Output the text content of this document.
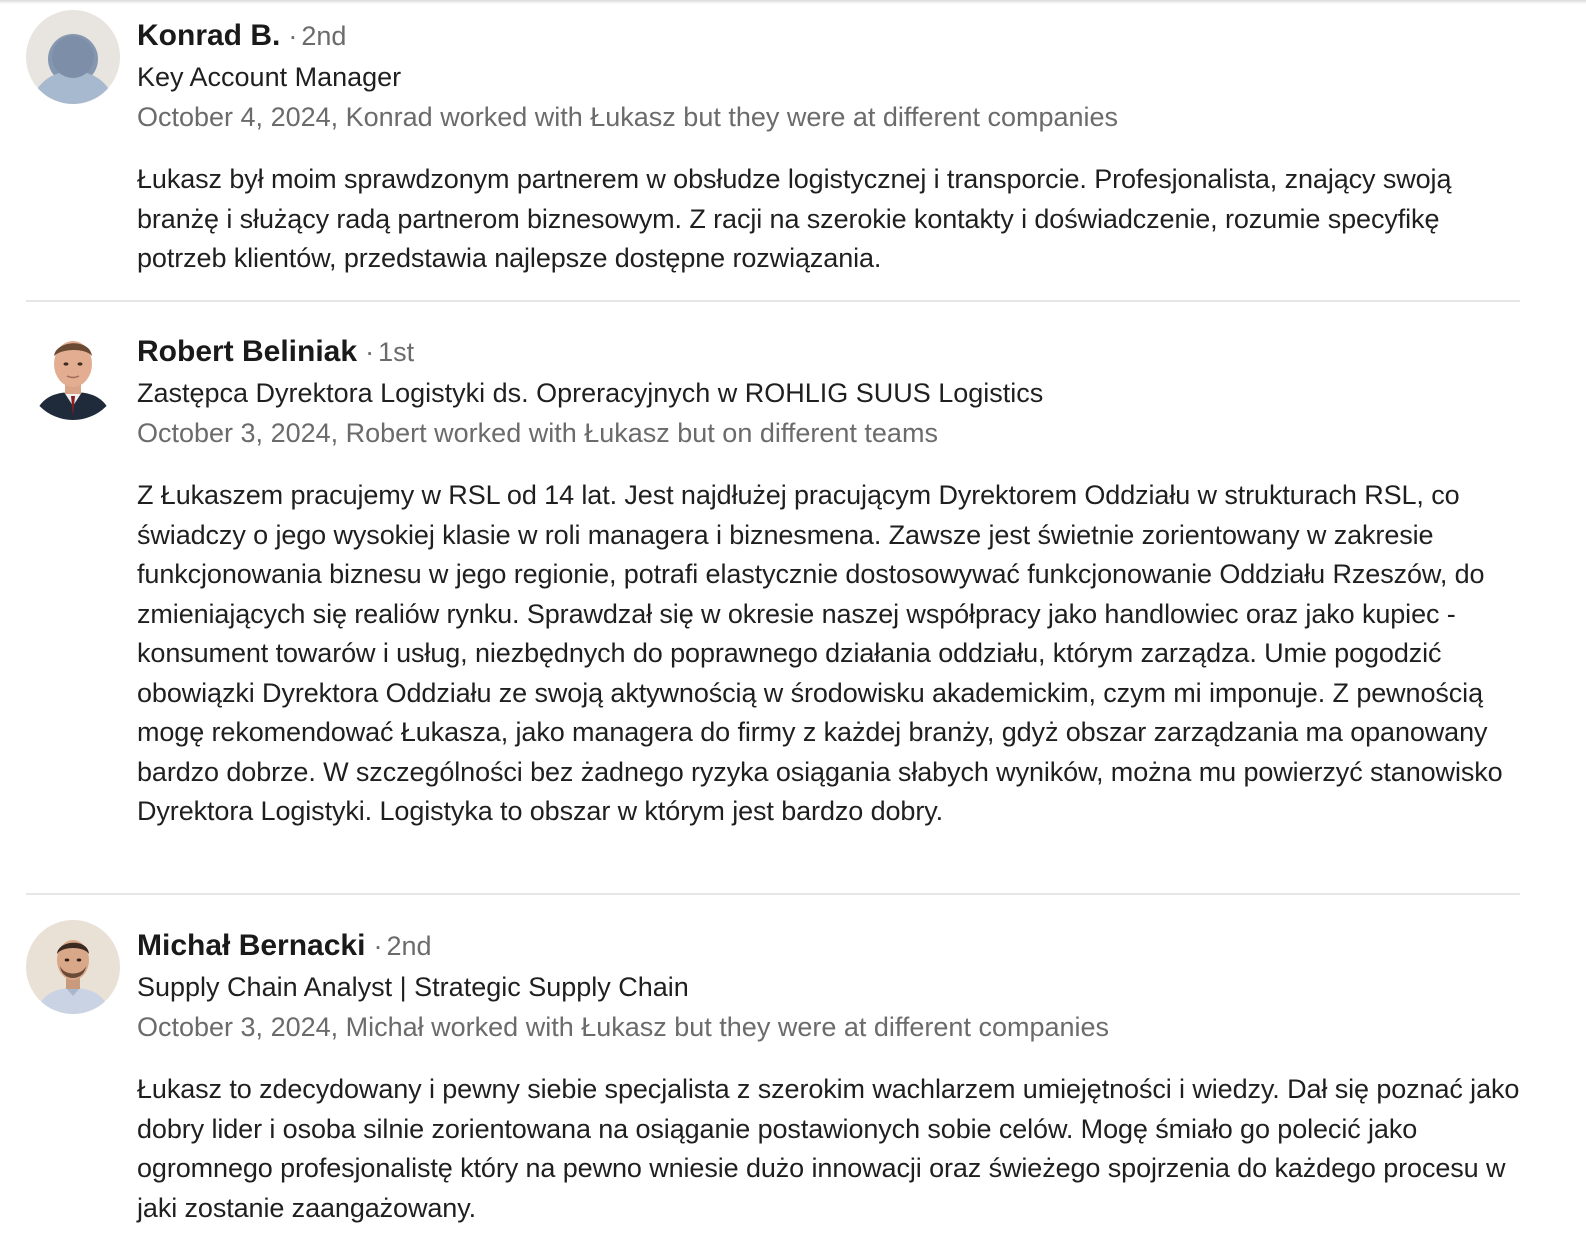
Konrad B. · 2nd
Key Account Manager
October 4, 2024, Konrad worked with Łukasz but they were at different companies
Łukasz był moim sprawdzonym partnerem w obsłudze logistycznej i transporcie. Profesjonalista, znający swoją branżę i służący radą partnerom biznesowym. Z racji na szerokie kontakty i doświadczenie, rozumie specyfikę potrzeb klientów, przedstawia najlepsze dostępne rozwiązania.
Robert Beliniak · 1st
Zastępca Dyrektora Logistyki ds. Opreracyjnych w ROHLIG SUUS Logistics
October 3, 2024, Robert worked with Łukasz but on different teams
Z Łukaszem pracujemy w RSL od 14 lat. Jest najdłużej pracującym Dyrektorem Oddziału w strukturach RSL, co świadczy o jego wysokiej klasie w roli managera i biznesmena. Zawsze jest świetnie zorientowany w zakresie funkcjonowania biznesu w jego regionie, potrafi elastycznie dostosowywać funkcjonowanie Oddziału Rzeszów, do zmieniających się realiów rynku. Sprawdzał się w okresie naszej współpracy jako handlowiec oraz jako kupiec - konsument towarów i usług, niezbędnych do poprawnego działania oddziału, którym zarządza. Umie pogodzić obowiązki Dyrektora Oddziału ze swoją aktywnością w środowisku akademickim, czym mi imponuje. Z pewnością mogę rekomendować Łukasza, jako managera do firmy z każdej branży, gdyż obszar zarządzania ma opanowany bardzo dobrze. W szczególności bez żadnego ryzyka osiągania słabych wyników, można mu powierzyć stanowisko Dyrektora Logistyki. Logistyka to obszar w którym jest bardzo dobry.
Michał Bernacki · 2nd
Supply Chain Analyst | Strategic Supply Chain
October 3, 2024, Michał worked with Łukasz but they were at different companies
Łukasz to zdecydowany i pewny siebie specjalista z szerokim wachlarzem umiejętności i wiedzy. Dał się poznać jako dobry lider i osoba silnie zorientowana na osiąganie postawionych sobie celów. Mogę śmiało go polecić jako ogromnego profesjonalistę który na pewno wniesie dużo innowacji oraz świeżego spojrzenia do każdego procesu w jaki zostanie zaangażowany.
